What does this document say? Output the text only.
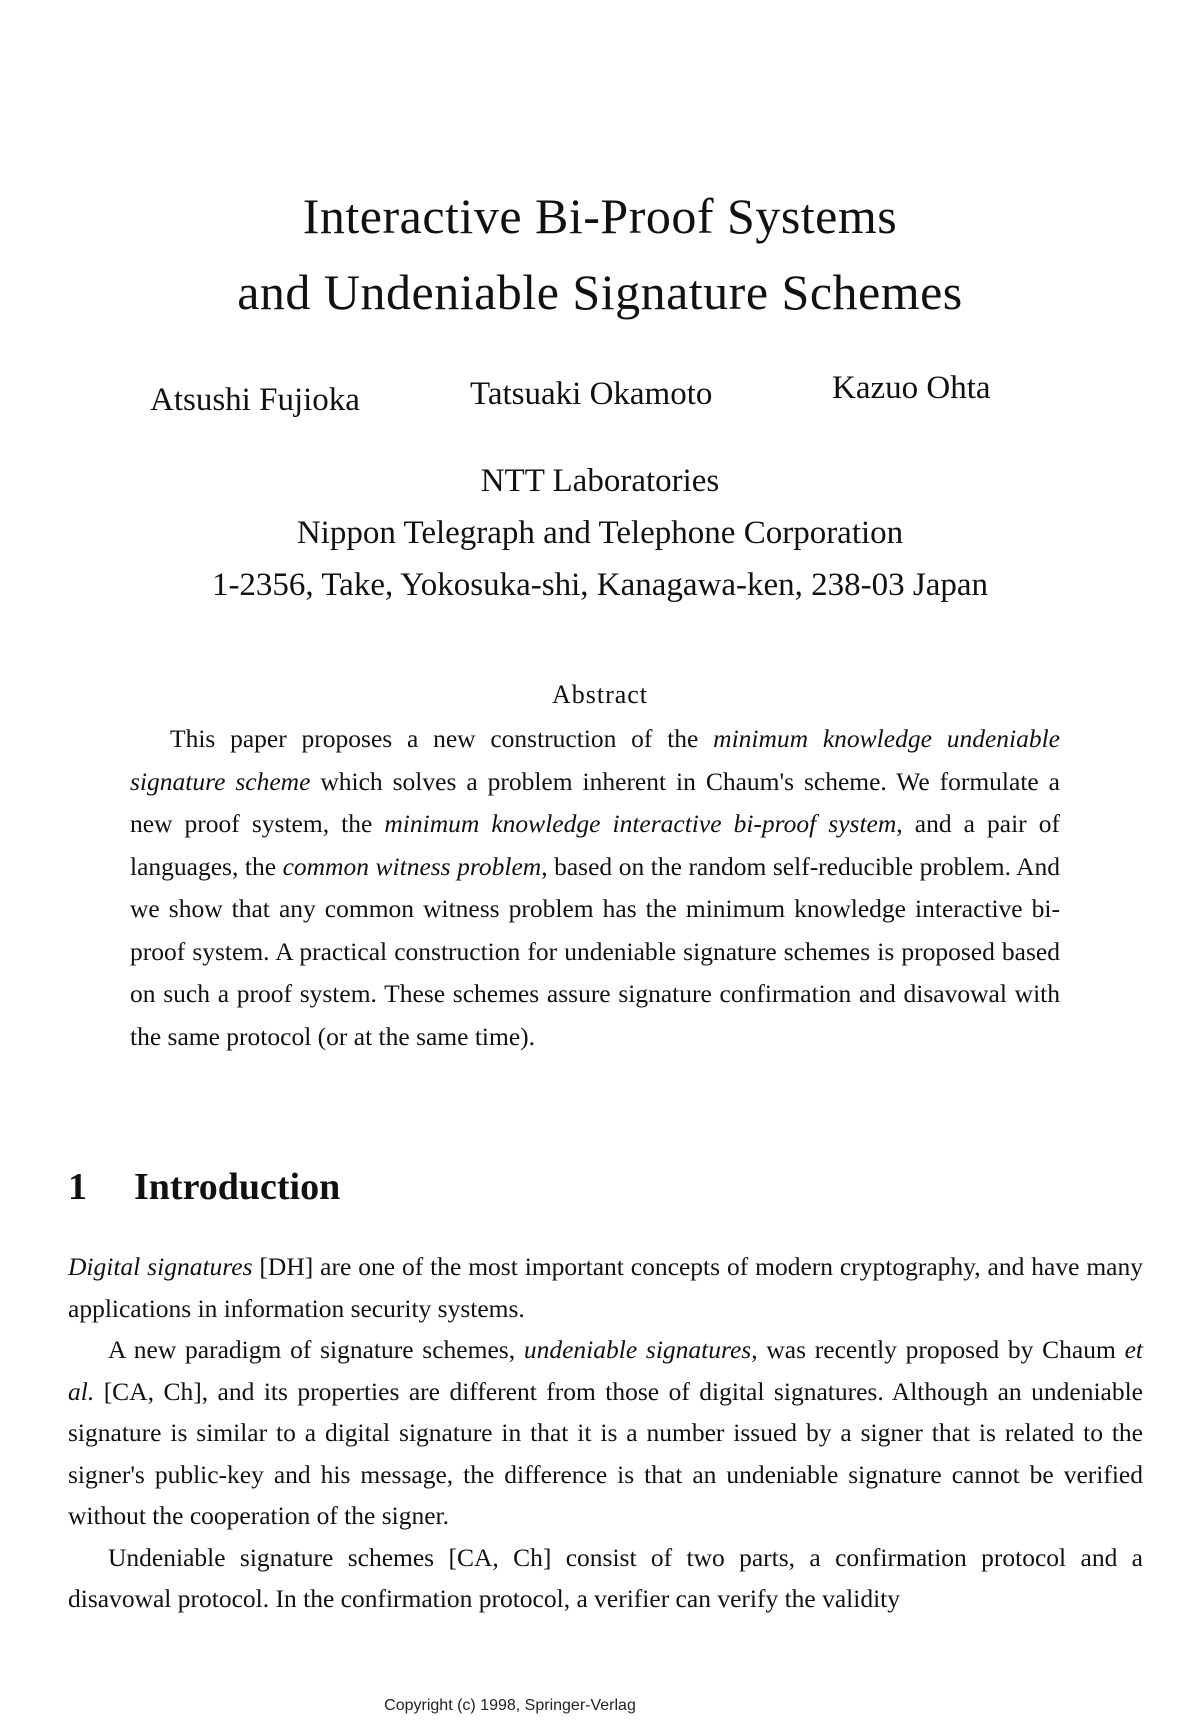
Interactive Bi-Proof Systems
and Undeniable Signature Schemes
Atsushi Fujioka	Tatsuaki Okamoto	Kazuo Ohta
NTT Laboratories
Nippon Telegraph and Telephone Corporation
1-2356, Take, Yokosuka-shi, Kanagawa-ken, 238-03 Japan
Abstract

This paper proposes a new construction of the minimum knowledge undeniable signature scheme which solves a problem inherent in Chaum's scheme. We formulate a new proof system, the minimum knowledge interactive bi-proof system, and a pair of languages, the common witness problem, based on the random self-reducible problem. And we show that any common witness problem has the minimum knowledge interactive bi-proof system. A practical construction for undeniable signature schemes is proposed based on such a proof system. These schemes assure signature confirmation and disavowal with the same protocol (or at the same time).

1 Introduction

Digital signatures [DH] are one of the most important concepts of modern cryptography, and have many applications in information security systems.

A new paradigm of signature schemes, undeniable signatures, was recently proposed by Chaum et al. [CA, Ch], and its properties are different from those of digital signatures. Although an undeniable signature is similar to a digital signature in that it is a number issued by a signer that is related to the signer's public-key and his message, the difference is that an undeniable signature cannot be verified without the cooperation of the signer.

Undeniable signature schemes [CA, Ch] consist of two parts, a confirmation protocol and a disavowal protocol. In the confirmation protocol, a verifier can verify the validity

Copyright (c) 1998, Springer-Verlag
